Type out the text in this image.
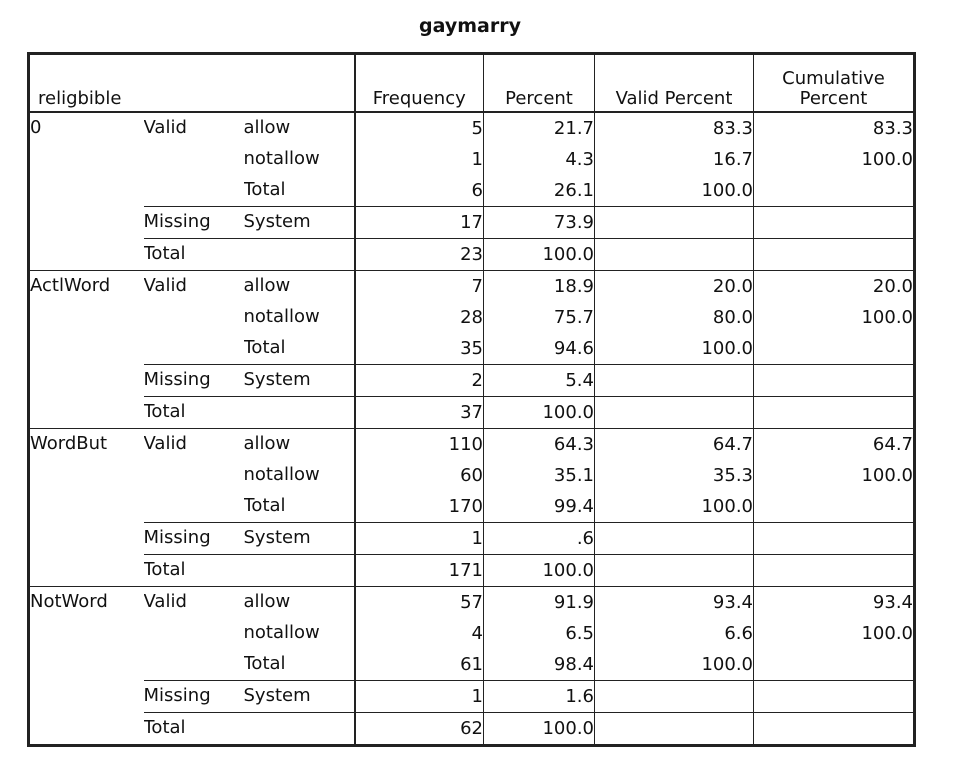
gaymarry
religbible			Frequency	Percent	Valid Percent	Cumulative
Percent
0	Valid	allow	5	21.7	83.3	83.3
		notallow	1	4.3	16.7	100.0
		Total	6	26.1	100.0	
	Missing	System	17	73.9		
	Total		23	100.0		
ActlWord	Valid	allow	7	18.9	20.0	20.0
		notallow	28	75.7	80.0	100.0
		Total	35	94.6	100.0	
	Missing	System	2	5.4		
	Total		37	100.0		
WordBut	Valid	allow	110	64.3	64.7	64.7
		notallow	60	35.1	35.3	100.0
		Total	170	99.4	100.0	
	Missing	System	1	.6		
	Total		171	100.0		
NotWord	Valid	allow	57	91.9	93.4	93.4
		notallow	4	6.5	6.6	100.0
		Total	61	98.4	100.0	
	Missing	System	1	1.6		
	Total		62	100.0		
